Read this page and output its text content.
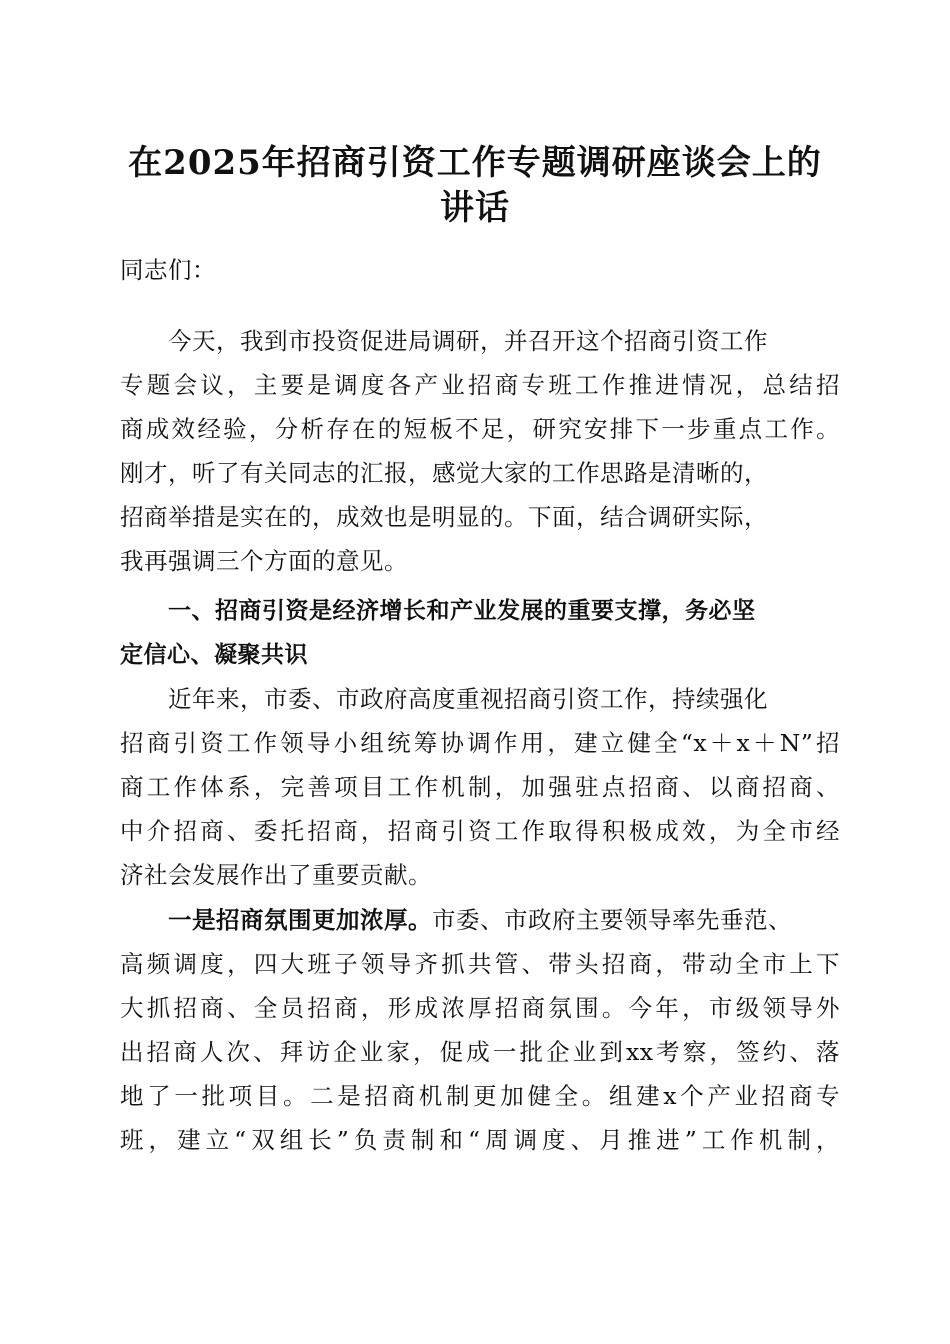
在2025年招商引资工作专题调研座谈会上的
讲话

同志们：

今天，我到市投资促进局调研，并召开这个招商引资工作

专题会议，主要是调度各产业招商专班工作推进情况，总结招

商成效经验，分析存在的短板不足，研究安排下一步重点工作。

刚才，听了有关同志的汇报，感觉大家的工作思路是清晰的，

招商举措是实在的，成效也是明显的。下面，结合调研实际，

我再强调三个方面的意见。

一、招商引资是经济增长和产业发展的重要支撑，务必坚

定信心、凝聚共识

近年来，市委、市政府高度重视招商引资工作，持续强化

招商引资工作领导小组统筹协调作用，建立健全“x＋x＋N”招

商工作体系，完善项目工作机制，加强驻点招商、以商招商、

中介招商、委托招商，招商引资工作取得积极成效，为全市经

济社会发展作出了重要贡献。

一是招商氛围更加浓厚。市委、市政府主要领导率先垂范、

高频调度，四大班子领导齐抓共管、带头招商，带动全市上下

大抓招商、全员招商，形成浓厚招商氛围。今年，市级领导外

出招商人次、拜访企业家，促成一批企业到xx考察，签约、落

地了一批项目。二是招商机制更加健全。组建x个产业招商专

班，建立“双组长”负责制和“周调度、月推进”工作机制，
